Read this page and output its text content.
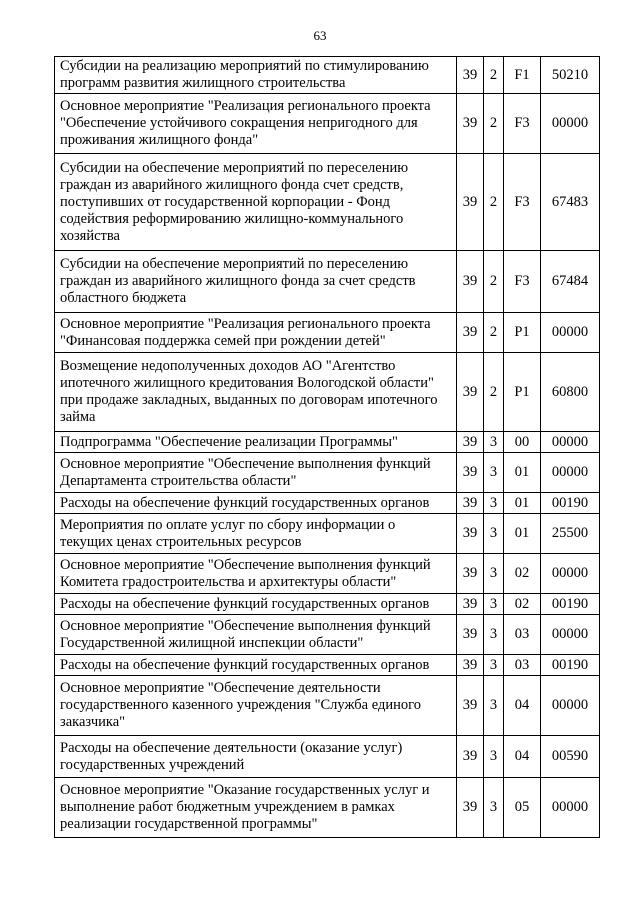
63
Субсидии на реализацию мероприятий по стимулированию программ развития жилищного строительства	39	2	F1	50210
Основное мероприятие "Реализация регионального проекта "Обеспечение устойчивого сокращения непригодного для проживания жилищного фонда"	39	2	F3	00000
Субсидии на обеспечение мероприятий по переселению граждан из аварийного жилищного фонда счет средств, поступивших от государственной корпорации - Фонд содействия реформированию жилищно-коммунального хозяйства	39	2	F3	67483
Субсидии на обеспечение мероприятий по переселению граждан из аварийного жилищного фонда за счет средств областного бюджета	39	2	F3	67484
Основное мероприятие "Реализация регионального проекта "Финансовая поддержка семей при рождении детей"	39	2	P1	00000
Возмещение недополученных доходов АО "Агентство ипотечного жилищного кредитования Вологодской области" при продаже закладных, выданных по договорам ипотечного займа	39	2	P1	60800
Подпрограмма "Обеспечение реализации Программы"	39	3	00	00000
Основное мероприятие "Обеспечение выполнения функций Департамента строительства области"	39	3	01	00000
Расходы на обеспечение функций государственных органов	39	3	01	00190
Мероприятия по оплате услуг по сбору информации о текущих ценах строительных ресурсов	39	3	01	25500
Основное мероприятие "Обеспечение выполнения функций Комитета градостроительства и архитектуры области"	39	3	02	00000
Расходы на обеспечение функций государственных органов	39	3	02	00190
Основное мероприятие "Обеспечение выполнения функций Государственной жилищной инспекции области"	39	3	03	00000
Расходы на обеспечение функций государственных органов	39	3	03	00190
Основное мероприятие "Обеспечение деятельности государственного казенного учреждения "Служба единого заказчика"	39	3	04	00000
Расходы на обеспечение деятельности (оказание услуг) государственных учреждений	39	3	04	00590
Основное мероприятие "Оказание государственных услуг и выполнение работ бюджетным учреждением в рамках реализации государственной программы"	39	3	05	00000
